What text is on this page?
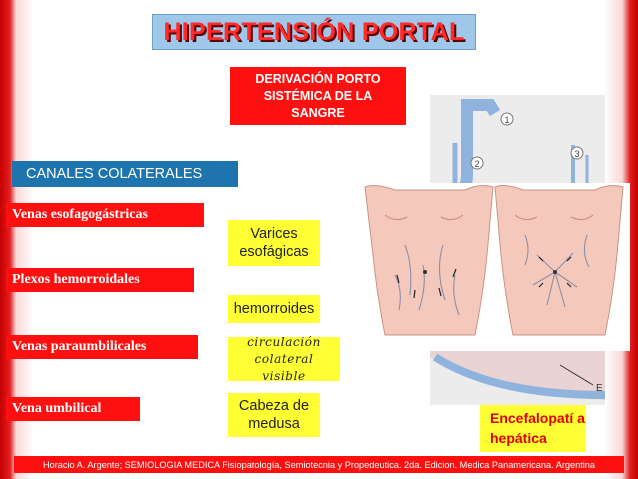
HIPERTENSIÓN PORTAL
DERIVACIÓN PORTO SISTÉMICA DE LA SANGRE
CANALES COLATERALES
Venas esofagogástricas
Plexos hemorroidales
Venas paraumbilicales
Vena umbilical
Varices esofágicas
hemorroides
circulación colateral visible
Cabeza de medusa
1
2
3
E
Encefalopatí a hepática
Horacio A. Argente; SEMIOLOGIA MEDICA Fisiopatología, Semiotecnia y Propedeutica. 2da. Edicion. Medica Panamericana. Argentina
